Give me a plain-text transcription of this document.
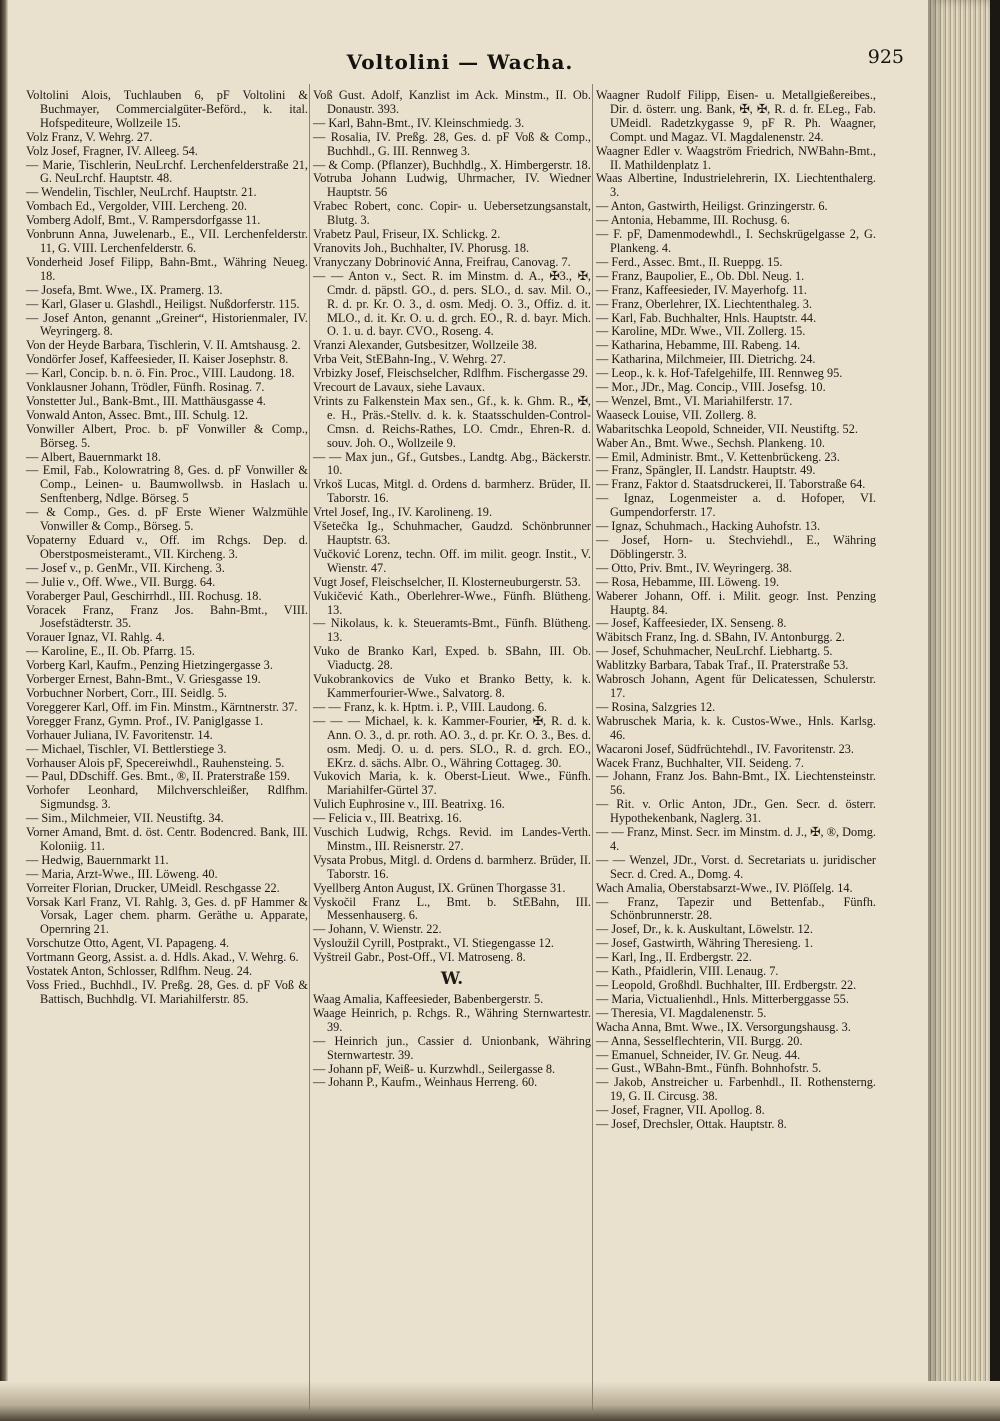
Voltolini — Wacha.	925

Voltolini Alois, Tuchlauben 6, pF Voltolini & Buchmayer, Commercialgüter-Beförd., k. ital. Hofspediteure, Wollzeile 15.

Volz Franz, V. Wehrg. 27.

Volz Josef, Fragner, IV. Alleeg. 54.

— Marie, Tischlerin, NeuLrchf. Lerchenfelderstraße 21, G. NeuLrchf. Hauptstr. 48.

— Wendelin, Tischler, NeuLrchf. Hauptstr. 21.

Vombach Ed., Vergolder, VIII. Lercheng. 20.

Vomberg Adolf, Bmt., V. Rampersdorfgasse 11.

Vonbrunn Anna, Juwelenarb., E., VII. Lerchenfelderstr. 11, G. VIII. Lerchenfelderstr. 6.

Vonderheid Josef Filipp, Bahn-Bmt., Währing Neueg. 18.

— Josefa, Bmt. Wwe., IX. Pramerg. 13.

— Karl, Glaser u. Glashdl., Heiligst. Nußdorferstr. 115.

— Josef Anton, genannt „Greiner“, Historienmaler, IV. Weyringerg. 8.

Von der Heyde Barbara, Tischlerin, V. II. Amtshausg. 2.

Vondörfer Josef, Kaffeesieder, II. Kaiser Josephstr. 8.

— Karl, Concip. b. n. ö. Fin. Proc., VIII. Laudong. 18.

Vonklausner Johann, Trödler, Fünfh. Rosinag. 7.

Vonstetter Jul., Bank-Bmt., III. Matthäusgasse 4.

Vonwald Anton, Assec. Bmt., III. Schulg. 12.

Vonwiller Albert, Proc. b. pF Vonwiller & Comp., Börseg. 5.

— Albert, Bauernmarkt 18.

— Emil, Fab., Kolowratring 8, Ges. d. pF Vonwiller & Comp., Leinen- u. Baumwollwsb. in Haslach u. Senftenberg, Ndlge. Börseg. 5

— & Comp., Ges. d. pF Erste Wiener Walzmühle Vonwiller & Comp., Börseg. 5.

Vopaterny Eduard v., Off. im Rchgs. Dep. d. Oberstposmeisteramt., VII. Kircheng. 3.

— Josef v., p. GenMr., VII. Kircheng. 3.

— Julie v., Off. Wwe., VII. Burgg. 64.

Voraberger Paul, Geschirrhdl., III. Rochusg. 18.

Voracek Franz, Franz Jos. Bahn-Bmt., VIII. Josefstädterstr. 35.

Vorauer Ignaz, VI. Rahlg. 4.

— Karoline, E., II. Ob. Pfarrg. 15.

Vorberg Karl, Kaufm., Penzing Hietzingergasse 3.

Vorberger Ernest, Bahn-Bmt., V. Griesgasse 19.

Vorbuchner Norbert, Corr., III. Seidlg. 5.

Voreggerer Karl, Off. im Fin. Minstm., Kärntnerstr. 37.

Voregger Franz, Gymn. Prof., IV. Paniglgasse 1.

Vorhauer Juliana, IV. Favoritenstr. 14.

— Michael, Tischler, VI. Bettlerstiege 3.

Vorhauser Alois pF, Specereiwhdl., Rauhensteing. 5.

— Paul, DDschiff. Ges. Bmt., ®, II. Praterstraße 159.

Vorhofer Leonhard, Milchverschleißer, Rdlfhm. Sigmundsg. 3.

— Sim., Milchmeier, VII. Neustiftg. 34.

Vorner Amand, Bmt. d. öst. Centr. Bodencred. Bank, III. Koloniig. 11.

— Hedwig, Bauernmarkt 11.

— Maria, Arzt-Wwe., III. Löweng. 40.

Vorreiter Florian, Drucker, UMeidl. Reschgasse 22.

Vorsak Karl Franz, VI. Rahlg. 3, Ges. d. pF Hammer & Vorsak, Lager chem. pharm. Geräthe u. Apparate, Opernring 21.

Vorschutze Otto, Agent, VI. Papageng. 4.

Vortmann Georg, Assist. a. d. Hdls. Akad., V. Wehrg. 6.

Vostatek Anton, Schlosser, Rdlfhm. Neug. 24.

Voss Fried., Buchhdl., IV. Preßg. 28, Ges. d. pF Voß & Battisch, Buchhdlg. VI. Mariahilferstr. 85.

Voß Gust. Adolf, Kanzlist im Ack. Minstm., II. Ob. Donaustr. 393.

— Karl, Bahn-Bmt., IV. Kleinschmiedg. 3.

— Rosalia, IV. Preßg. 28, Ges. d. pF Voß & Comp., Buchhdl., G. III. Rennweg 3.

— & Comp. (Pflanzer), Buchhdlg., X. Himbergerstr. 18.

Votruba Johann Ludwig, Uhrmacher, IV. Wiedner Hauptstr. 56

Vrabec Robert, conc. Copir- u. Uebersetzungsanstalt, Blutg. 3.

Vrabetz Paul, Friseur, IX. Schlickg. 2.

Vranovits Joh., Buchhalter, IV. Phorusg. 18.

Vranyczany Dobrinović Anna, Freifrau, Canovag. 7.

— — Anton v., Sect. R. im Minstm. d. A., ✠3., ✠, Cmdr. d. päpstl. GO., d. pers. SLO., d. sav. Mil. O., R. d. pr. Kr. O. 3., d. osm. Medj. O. 3., Offiz. d. it. MLO., d. it. Kr. O. u. d. grch. EO., R. d. bayr. Mich. O. 1. u. d. bayr. CVO., Roseng. 4.

Vranzi Alexander, Gutsbesitzer, Wollzeile 38.

Vrba Veit, StEBahn-Ing., V. Wehrg. 27.

Vrbizky Josef, Fleischselcher, Rdlfhm. Fischergasse 29.

Vrecourt de Lavaux, siehe Lavaux.

Vrints zu Falkenstein Max sen., Gf., k. k. Ghm. R., ✠, e. H., Präs.-Stellv. d. k. k. Staatsschulden-Control-Cmsn. d. Reichs-Rathes, LO. Cmdr., Ehren-R. d. souv. Joh. O., Wollzeile 9.

— — Max jun., Gf., Gutsbes., Landtg. Abg., Bäckerstr. 10.

Vrkoš Lucas, Mitgl. d. Ordens d. barmherz. Brüder, II. Taborstr. 16.

Vrtel Josef, Ing., IV. Karolineng. 19.

Všetečka Ig., Schuhmacher, Gaudzd. Schönbrunner Hauptstr. 63.

Vučković Lorenz, techn. Off. im milit. geogr. Instit., V. Wienstr. 47.

Vugt Josef, Fleischselcher, II. Klosterneuburgerstr. 53.

Vukičević Kath., Oberlehrer-Wwe., Fünfh. Blütheng. 13.

— Nikolaus, k. k. Steueramts-Bmt., Fünfh. Blütheng. 13.

Vuko de Branko Karl, Exped. b. SBahn, III. Ob. Viaductg. 28.

Vukobrankovics de Vuko et Branko Betty, k. k. Kammerfourier-Wwe., Salvatorg. 8.

— — Franz, k. k. Hptm. i. P., VIII. Laudong. 6.

— — — Michael, k. k. Kammer-Fourier, ✠, R. d. k. Ann. O. 3., d. pr. roth. AO. 3., d. pr. Kr. O. 3., Bes. d. osm. Medj. O. u. d. pers. SLO., R. d. grch. EO., EKrz. d. sächs. Albr. O., Währing Cottageg. 30.

Vukovich Maria, k. k. Oberst-Lieut. Wwe., Fünfh. Mariahilfer-Gürtel 37.

Vulich Euphrosine v., III. Beatrixg. 16.

— Felicia v., III. Beatrixg. 16.

Vuschich Ludwig, Rchgs. Revid. im Landes-Verth. Minstm., III. Reisnerstr. 27.

Vysata Probus, Mitgl. d. Ordens d. barmherz. Brüder, II. Taborstr. 16.

Vyellberg Anton August, IX. Grünen Thorgasse 31.

Vyskočil Franz L., Bmt. b. StEBahn, III. Messenhauserg. 6.

— Johann, V. Wienstr. 22.

Vysloužil Cyrill, Postprakt., VI. Stiegengasse 12.

Vyštreil Gabr., Post-Off., VI. Matroseng. 8.

W.

Waag Amalia, Kaffeesieder, Babenbergerstr. 5.

Waage Heinrich, p. Rchgs. R., Währing Sternwartestr. 39.

— Heinrich jun., Cassier d. Unionbank, Währing Sternwartestr. 39.

— Johann pF, Weiß- u. Kurzwhdl., Seilergasse 8.

— Johann P., Kaufm., Weinhaus Herreng. 60.

Waagner Rudolf Filipp, Eisen- u. Metallgießereibes., Dir. d. österr. ung. Bank, ✠, ✠, R. d. fr. ELeg., Fab. UMeidl. Radetzkygasse 9, pF R. Ph. Waagner, Compt. und Magaz. VI. Magdalenenstr. 24.

Waagner Edler v. Waagström Friedrich, NWBahn-Bmt., II. Mathildenplatz 1.

Waas Albertine, Industrielehrerin, IX. Liechtenthalerg. 3.

— Anton, Gastwirth, Heiligst. Grinzingerstr. 6.

— Antonia, Hebamme, III. Rochusg. 6.

— F. pF, Damenmodewhdl., I. Sechskrügelgasse 2, G. Plankeng. 4.

— Ferd., Assec. Bmt., II. Rueppg. 15.

— Franz, Baupolier, E., Ob. Dbl. Neug. 1.

— Franz, Kaffeesieder, IV. Mayerhofg. 11.

— Franz, Oberlehrer, IX. Liechtenthaleg. 3.

— Karl, Fab. Buchhalter, Hnls. Hauptstr. 44.

— Karoline, MDr. Wwe., VII. Zollerg. 15.

— Katharina, Hebamme, III. Rabeng. 14.

— Katharina, Milchmeier, III. Dietrichg. 24.

— Leop., k. k. Hof-Tafelgehilfe, III. Rennweg 95.

— Mor., JDr., Mag. Concip., VIII. Josefsg. 10.

— Wenzel, Bmt., VI. Mariahilferstr. 17.

Waaseck Louise, VII. Zollerg. 8.

Wabaritschka Leopold, Schneider, VII. Neustiftg. 52.

Waber An., Bmt. Wwe., Sechsh. Plankeng. 10.

— Emil, Administr. Bmt., V. Kettenbrückeng. 23.

— Franz, Spängler, II. Landstr. Hauptstr. 49.

— Franz, Faktor d. Staatsdruckerei, II. Taborstraße 64.

— Ignaz, Logenmeister a. d. Hofoper, VI. Gumpendorferstr. 17.

— Ignaz, Schuhmach., Hacking Auhofstr. 13.

— Josef, Horn- u. Stechviehdl., E., Währing Döblingerstr. 3.

— Otto, Priv. Bmt., IV. Weyringerg. 38.

— Rosa, Hebamme, III. Löweng. 19.

Waberer Johann, Off. i. Milit. geogr. Inst. Penzing Hauptg. 84.

— Josef, Kaffeesieder, IX. Senseng. 8.

Wäbitsch Franz, Ing. d. SBahn, IV. Antonburgg. 2.

— Josef, Schuhmacher, NeuLrchf. Liebhartg. 5.

Wablitzky Barbara, Tabak Traf., II. Praterstraße 53.

Wabrosch Johann, Agent für Delicatessen, Schulerstr. 17.

— Rosina, Salzgries 12.

Wabruschek Maria, k. k. Custos-Wwe., Hnls. Karlsg. 46.

Wacaroni Josef, Südfrüchtehdl., IV. Favoritenstr. 23.

Wacek Franz, Buchhalter, VII. Seideng. 7.

— Johann, Franz Jos. Bahn-Bmt., IX. Liechtensteinstr. 56.

— Rit. v. Orlic Anton, JDr., Gen. Secr. d. österr. Hypothekenbank, Naglerg. 31.

— — Franz, Minst. Secr. im Minstm. d. J., ✠, ®, Domg. 4.

— — Wenzel, JDr., Vorst. d. Secretariats u. juridischer Secr. d. Cred. A., Domg. 4.

Wach Amalia, Oberstabsarzt-Wwe., IV. Plöſſelg. 14.

— Franz, Tapezir und Bettenfab., Fünfh. Schönbrunnerstr. 28.

— Josef, Dr., k. k. Auskultant, Löwelstr. 12.

— Josef, Gastwirth, Währing Theresieng. 1.

— Karl, Ing., II. Erdbergstr. 22.

— Kath., Pfaidlerin, VIII. Lenaug. 7.

— Leopold, Großhdl. Buchhalter, III. Erdbergstr. 22.

— Maria, Victualienhdl., Hnls. Mitterberggasse 55.

— Theresia, VI. Magdalenenstr. 5.

Wacha Anna, Bmt. Wwe., IX. Versorgungshausg. 3.

— Anna, Sesselflechterin, VII. Burgg. 20.

— Emanuel, Schneider, IV. Gr. Neug. 44.

— Gust., WBahn-Bmt., Fünfh. Bohnhofstr. 5.

— Jakob, Anstreicher u. Farbenhdl., II. Rothensterng. 19, G. II. Circusg. 38.

— Josef, Fragner, VII. Apollog. 8.

— Josef, Drechsler, Ottak. Hauptstr. 8.
